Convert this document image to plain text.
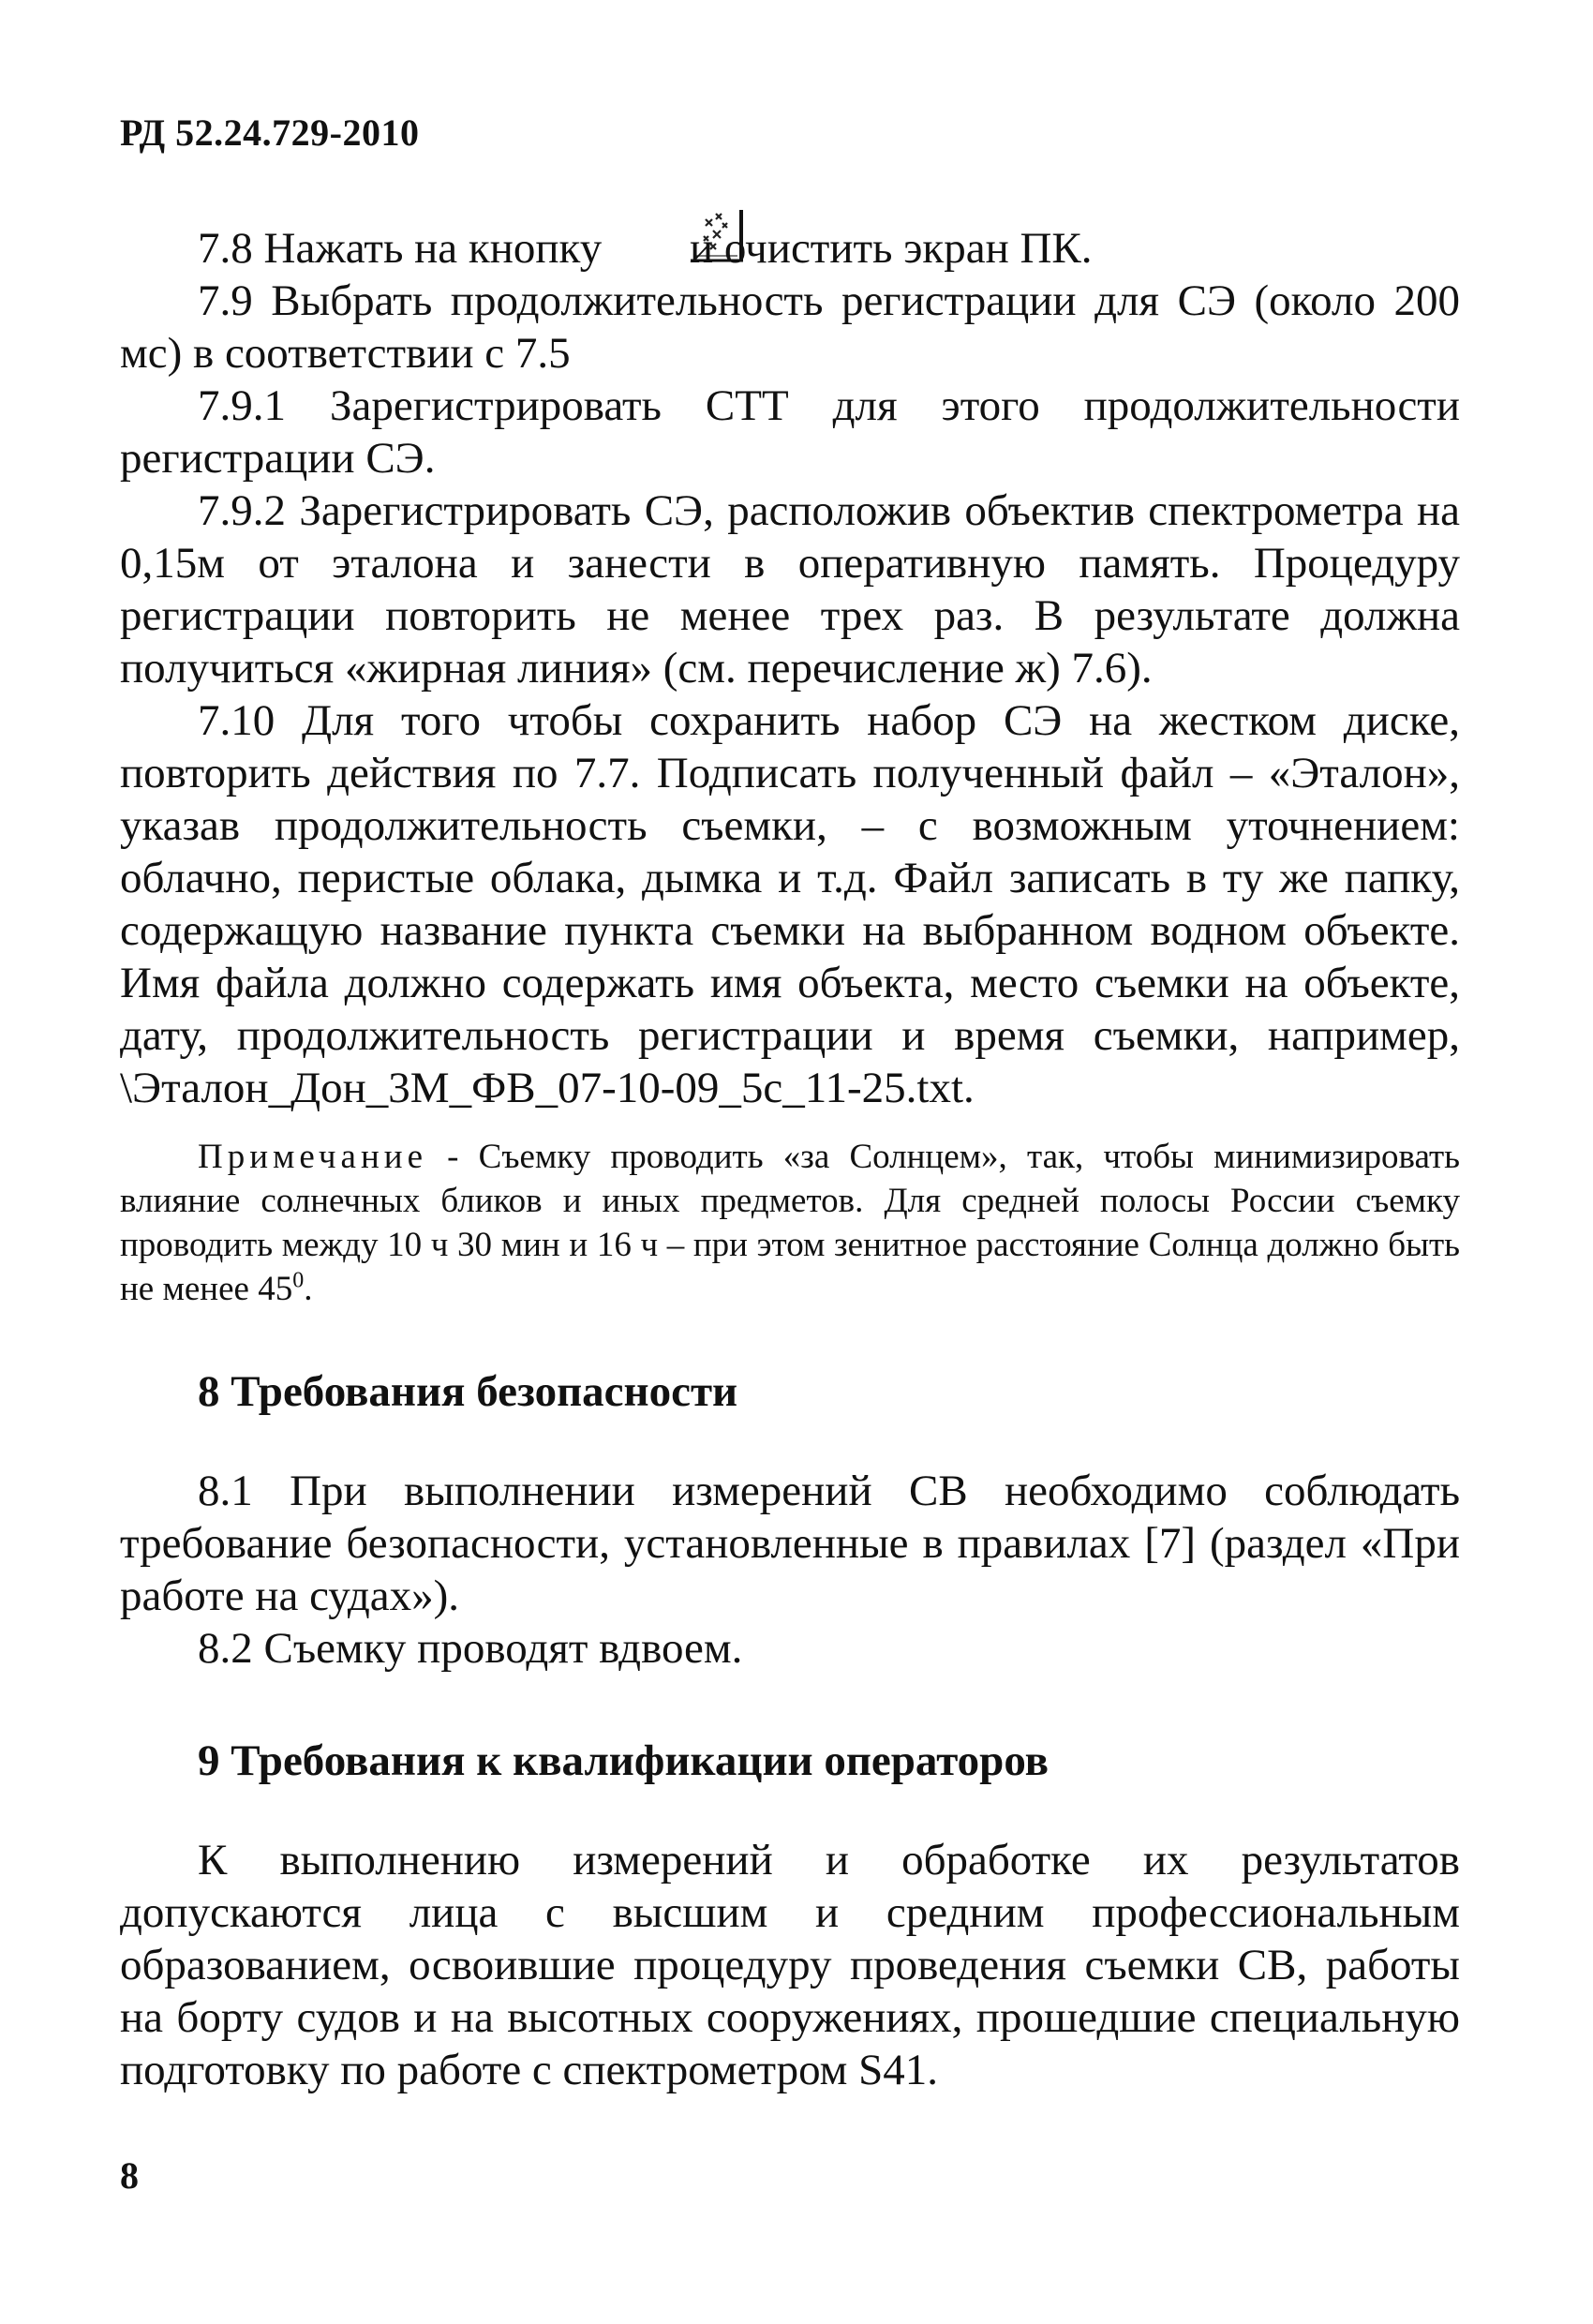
РД 52.24.729-2010

7.8 Нажать на кнопку и очистить экран ПК.

7.9 Выбрать продолжительность регистрации для СЭ (около 200 мс) в соответствии с 7.5

7.9.1 Зарегистрировать СТТ для этого продолжительности регистрации СЭ.

7.9.2 Зарегистрировать СЭ, расположив объектив спектрометра на 0,15м от эталона и занести в оперативную память. Процедуру регистрации повторить не менее трех раз. В результате должна получиться «жирная линия» (см. перечисление ж) 7.6).

7.10 Для того чтобы сохранить набор СЭ на жестком диске, повторить действия по 7.7. Подписать полученный файл – «Эталон», указав продолжительность съемки, – с возможным уточнением: облачно, перистые облака, дымка и т.д. Файл записать в ту же папку, содержащую название пункта съемки на выбранном водном объекте. Имя файла должно содержать имя объекта, место съемки на объекте, дату, продолжительность регистрации и время съемки, например,

\Эталон_Дон_3М_ФВ_07-10-09_5с_11-25.txt.

Примечание - Съемку проводить «за Солнцем», так, чтобы минимизировать влияние солнечных бликов и иных предметов. Для средней полосы России съемку проводить между 10 ч 30 мин и 16 ч – при этом зенитное расстояние Солнца должно быть не менее $45^0$.
8 Требования безопасности

8.1 При выполнении измерений СВ необходимо соблюдать требование безопасности, установленные в правилах [7] (раздел «При работе на судах»).

8.2 Съемку проводят вдвоем.

9 Требования к квалификации операторов

К выполнению измерений и обработке их результатов допускаются лица с высшим и средним профессиональным образованием, освоившие процедуру проведения съемки СВ, работы на борту судов и на высотных сооружениях, прошедшие специальную подготовку по работе с спектрометром S41.

8
